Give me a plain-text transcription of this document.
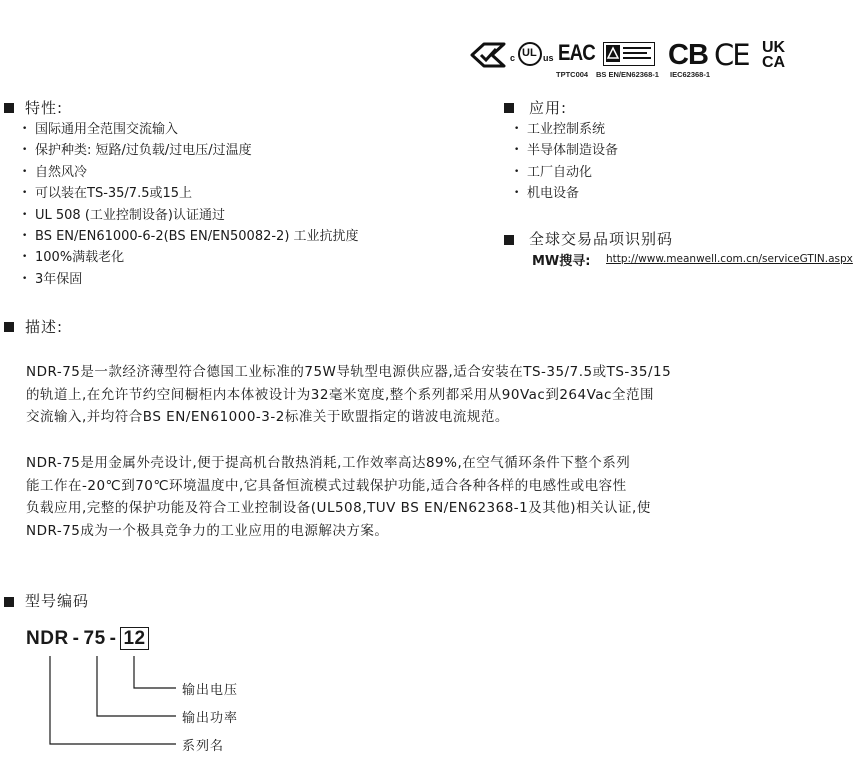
c UL us EAC
TPTC004 BS EN/EN62368-1
CB
IEC62368-1
CE UK
CA
特性:
• 国际通用全范围交流输入
• 保护种类: 短路/过负载/过电压/过温度
• 自然风冷
• 可以装在TS-35/7.5或15上
• UL 508 (工业控制设备)认证通过
• BS EN/EN61000-6-2(BS EN/EN50082-2) 工业抗扰度
• 100%满载老化
• 3年保固
应用:
• 工业控制系统
• 半导体制造设备
• 工厂自动化
• 机电设备
全球交易品项识别码
MW搜寻: http://www.meanwell.com.cn/serviceGTIN.aspx
描述:
NDR-75是一款经济薄型符合德国工业标准的75W导轨型电源供应器,适合安装在TS-35/7.5或TS-35/15
的轨道上,在允许节约空间橱柜内本体被设计为32毫米宽度,整个系列都采用从90Vac到264Vac全范围
交流输入,并均符合BS EN/EN61000-3-2标准关于欧盟指定的谐波电流规范。
NDR-75是用金属外壳设计,便于提高机台散热消耗,工作效率高达89%,在空气循环条件下整个系列
能工作在-20℃到70℃环境温度中,它具备恒流模式过载保护功能,适合各种各样的电感性或电容性
负载应用,完整的保护功能及符合工业控制设备(UL508,TUV BS EN/EN62368-1及其他)相关认证,使
NDR-75成为一个极具竞争力的工业应用的电源解决方案。
型号编码
NDR - 75 - 12
输出电压
输出功率
系列名
